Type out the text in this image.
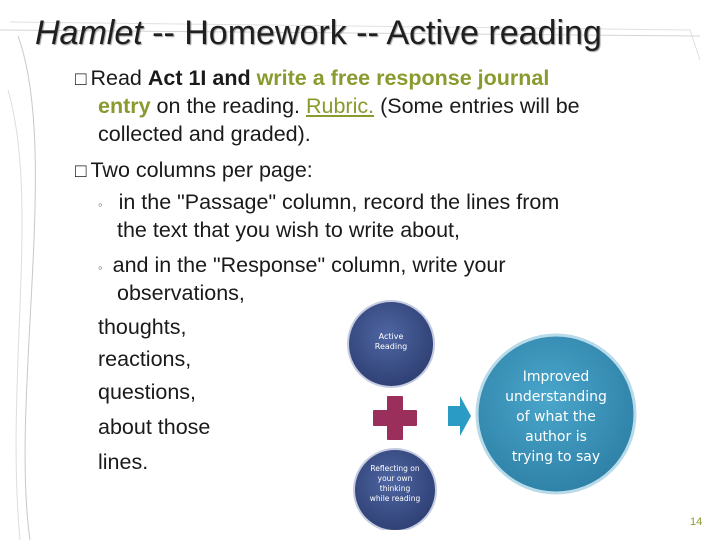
Hamlet -- Homework -- Active reading
□ Read Act 1I and write a free response journal
entry on the reading. Rubric. (Some entries will be
collected and graded).
□ Two columns per page:
◦ in the "Passage" column, record the lines from
the text that you wish to write about,
◦ and in the "Response" column, write your
observations,
thoughts,
reactions,
questions,
about those
lines.
Active
Reading
Reflecting on
your own
thinking
while reading
Improved
understanding
of what the
author is
trying to say
14
